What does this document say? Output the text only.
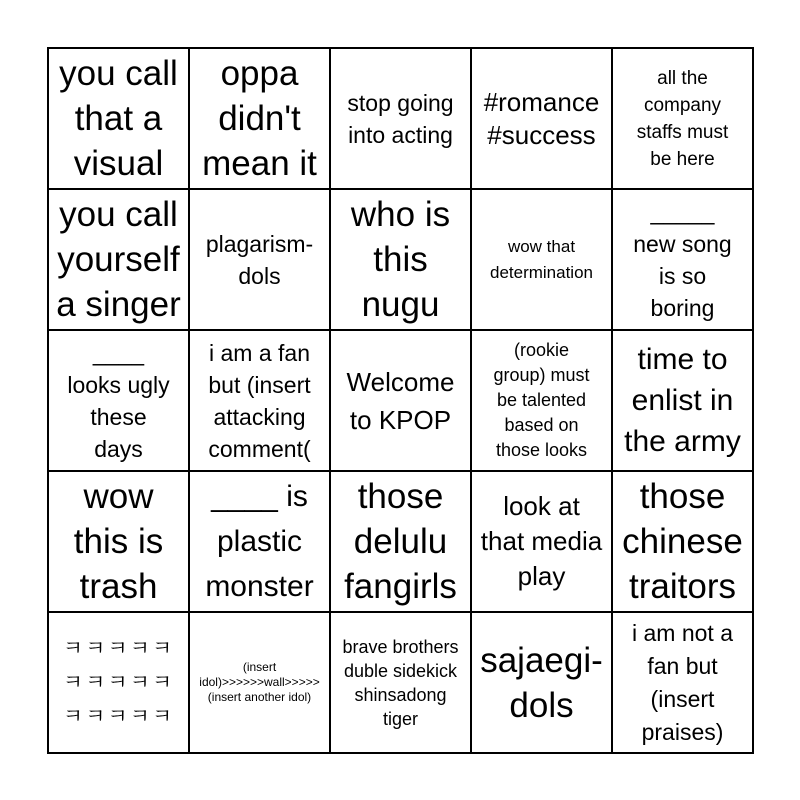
you call
that a
visual
oppa
didn't
mean it
stop going
into acting
#romance
#success
all the
company
staffs must
be here
you call
yourself
a singer
plagarism-
dols
who is
this
nugu
wow that
determination
_____
new song
is so
boring
____
looks ugly
these
days
i am a fan
but (insert
attacking
comment(
Welcome
to KPOP
(rookie
group) must
be talented
based on
those looks
time to
enlist in
the army
wow
this is
trash
____ is
plastic
monster
those
delulu
fangirls
look at
that media
play
those
chinese
traitors
ㅋㅋㅋㅋㅋ
ㅋㅋㅋㅋㅋ
ㅋㅋㅋㅋㅋ
(insert
idol)>>>>>>wall>>>>>
(insert another idol)
brave brothers
duble sidekick
shinsadong
tiger
sajaegi-
dols
i am not a
fan but
(insert
praises)
